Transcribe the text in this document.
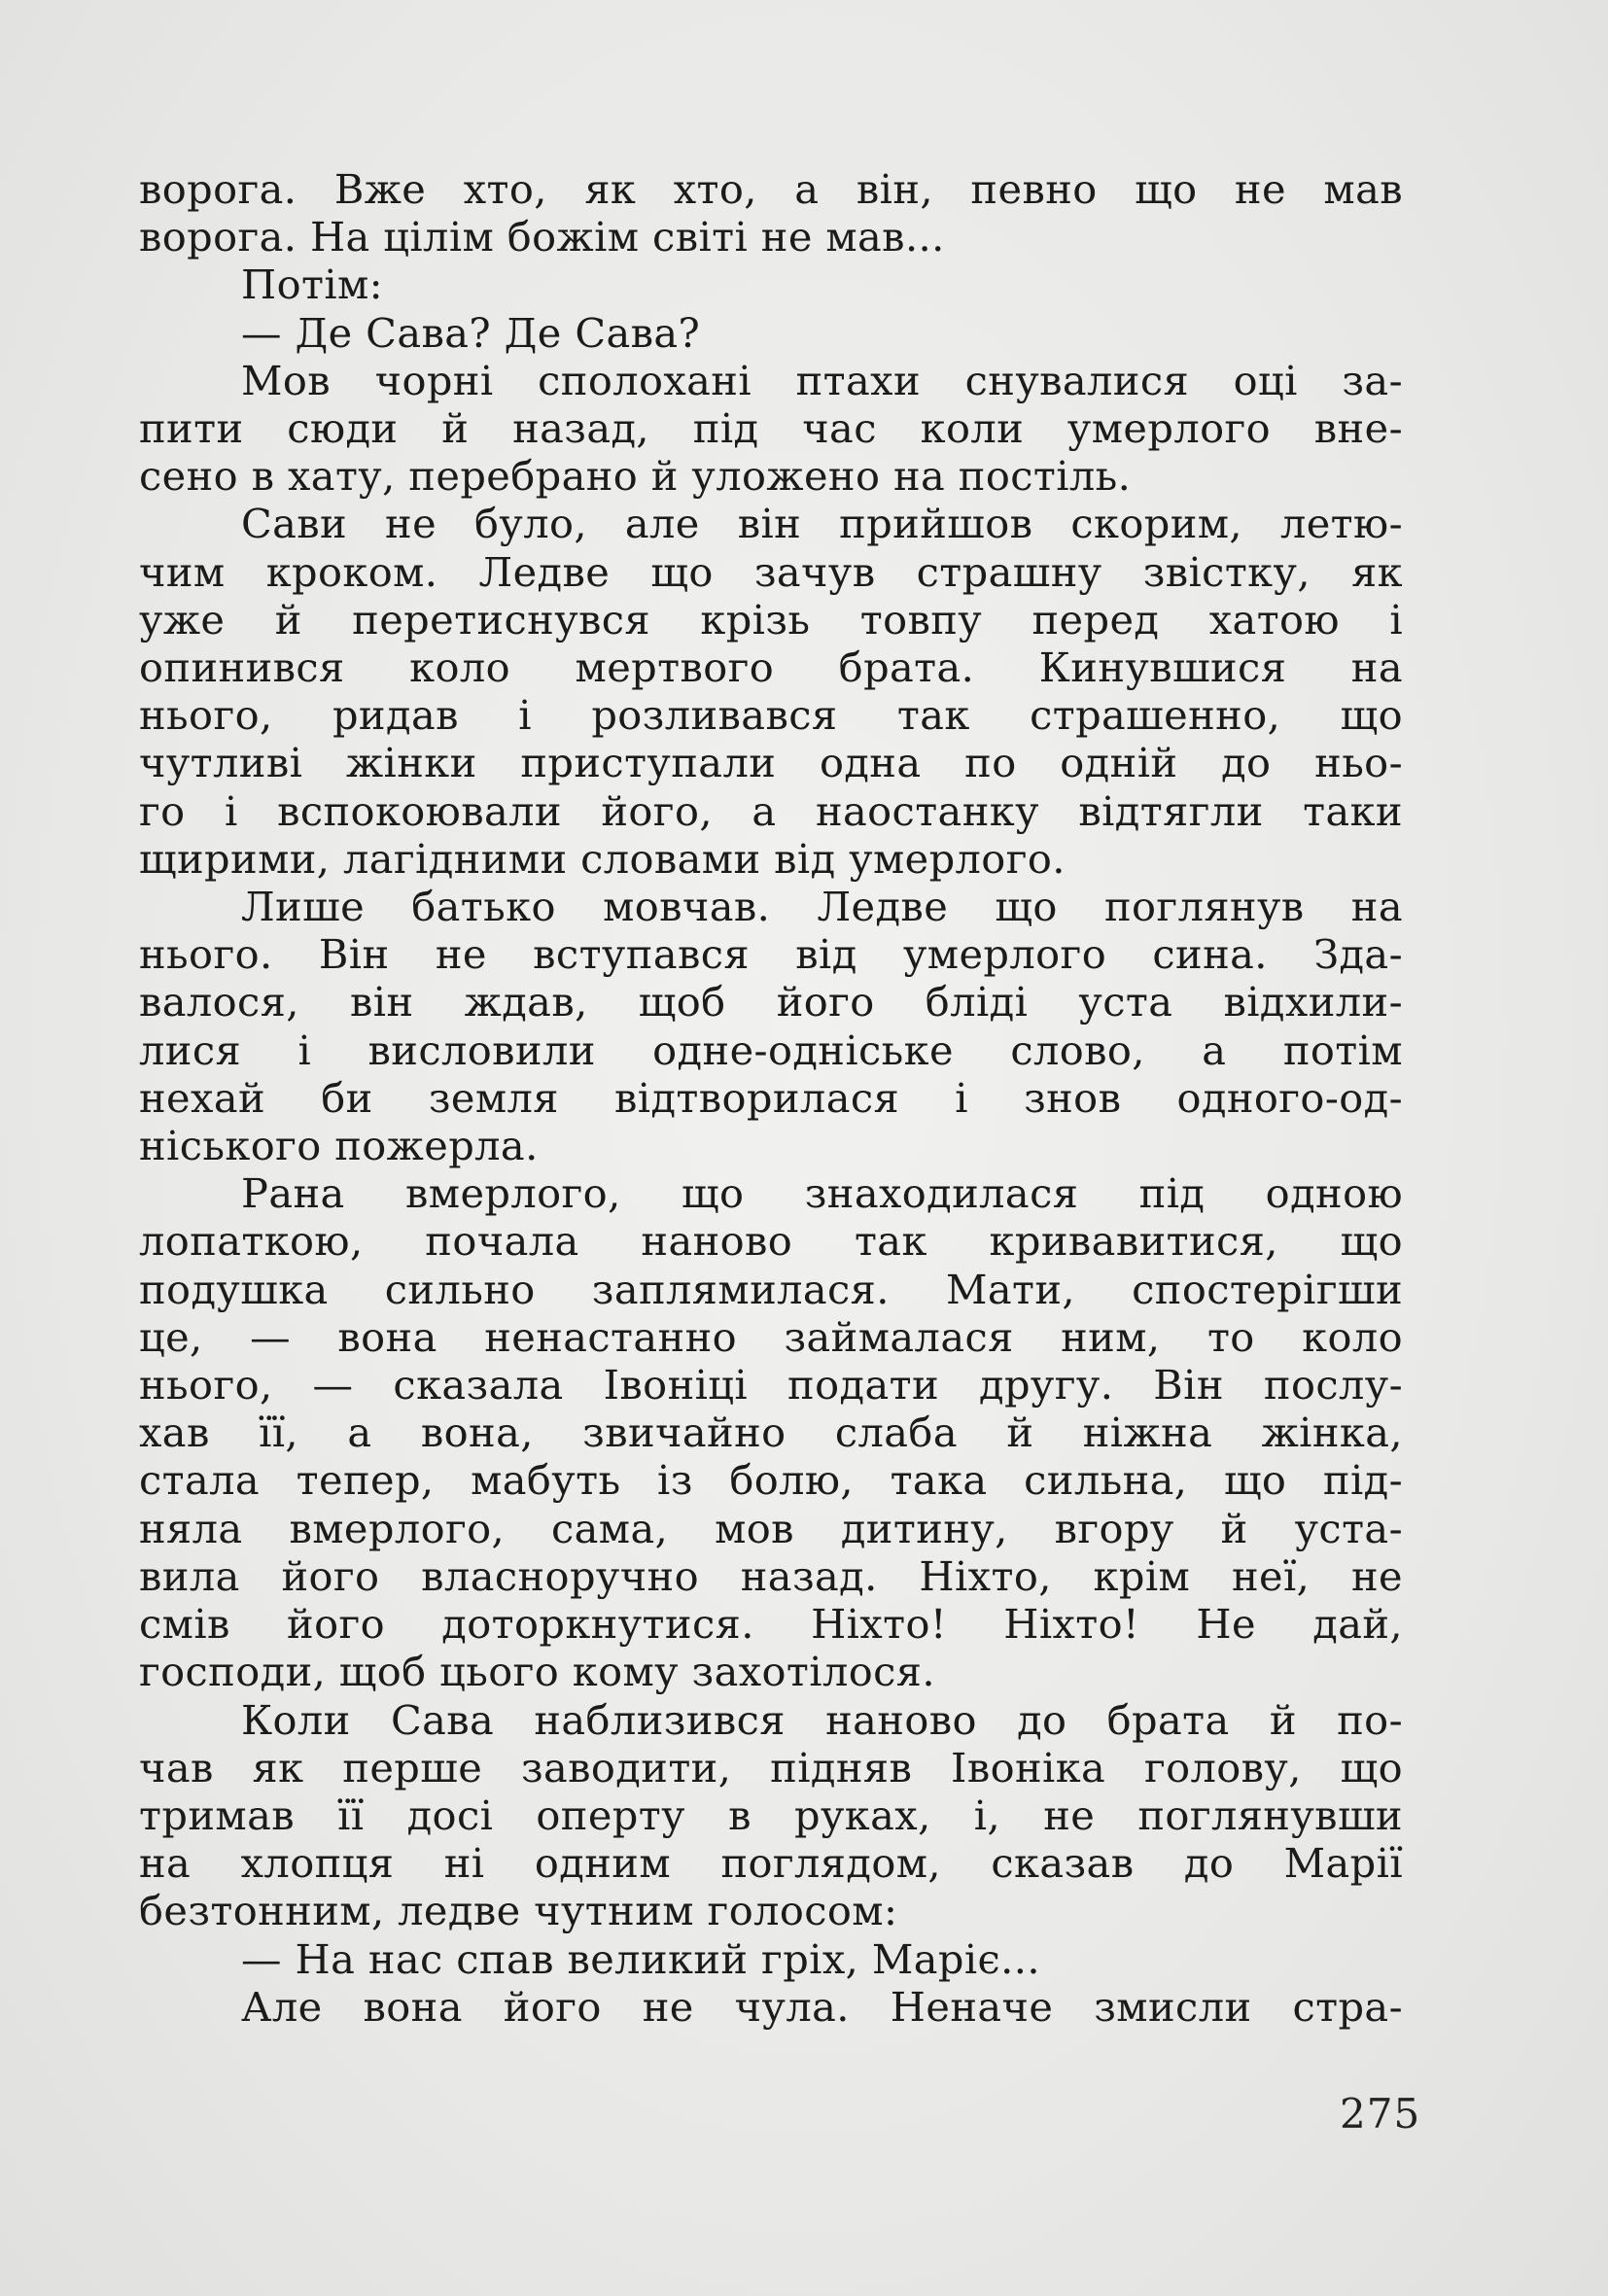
ворога. Вже хто, як хто, а він, певно що не мав
ворога. На цілім божім світі не мав...
Потім:
— Де Сава? Де Сава?
Мов чорні сполохані птахи снувалися оці за-
пити сюди й назад, під час коли умерлого вне-
сено в хату, перебрано й уложено на постіль.
Сави не було, але він прийшов скорим, летю-
чим кроком. Ледве що зачув страшну звістку, як
уже й перетиснувся крізь товпу перед хатою і
опинився коло мертвого брата. Кинувшися на
нього, ридав і розливався так страшенно, що
чутливі жінки приступали одна по одній до ньо-
го і вспокоювали його, а наостанку відтягли таки
щирими, лагідними словами від умерлого.
Лише батько мовчав. Ледве що поглянув на
нього. Він не вступався від умерлого сина. Зда-
валося, він ждав, щоб його блідi уста відхили-
лися і висловили одне-однiське слово, а потім
нехай би земля відтворилася і знов одного-од-
ніського пожерла.
Рана вмерлого, що знаходилася під одною
лопаткою, почала наново так кривавитися, що
подушка сильно заплямилася. Мати, спостерігши
це, — вона ненастанно займалася ним, то коло
нього, — сказала Івоніці подати другу. Він послу-
хав її, а вона, звичайно слаба й ніжна жінка,
стала тепер, мабуть із болю, така сильна, що під-
няла вмерлого, сама, мов дитину, вгору й уста-
вила його власноручно назад. Ніхто, крім неї, не
смів його доторкнутися. Ніхто! Ніхто! Не дай,
господи, щоб цього кому захотілося.
Коли Сава наблизився наново до брата й по-
чав як перше заводити, підняв Івоніка голову, що
тримав її досі оперту в руках, і, не поглянувши
на хлопця ні одним поглядом, сказав до Марії
безтонним, ледве чутним голосом:
— На нас спав великий гріх, Маріє...
Але вона його не чула. Неначе змисли стра-
275
